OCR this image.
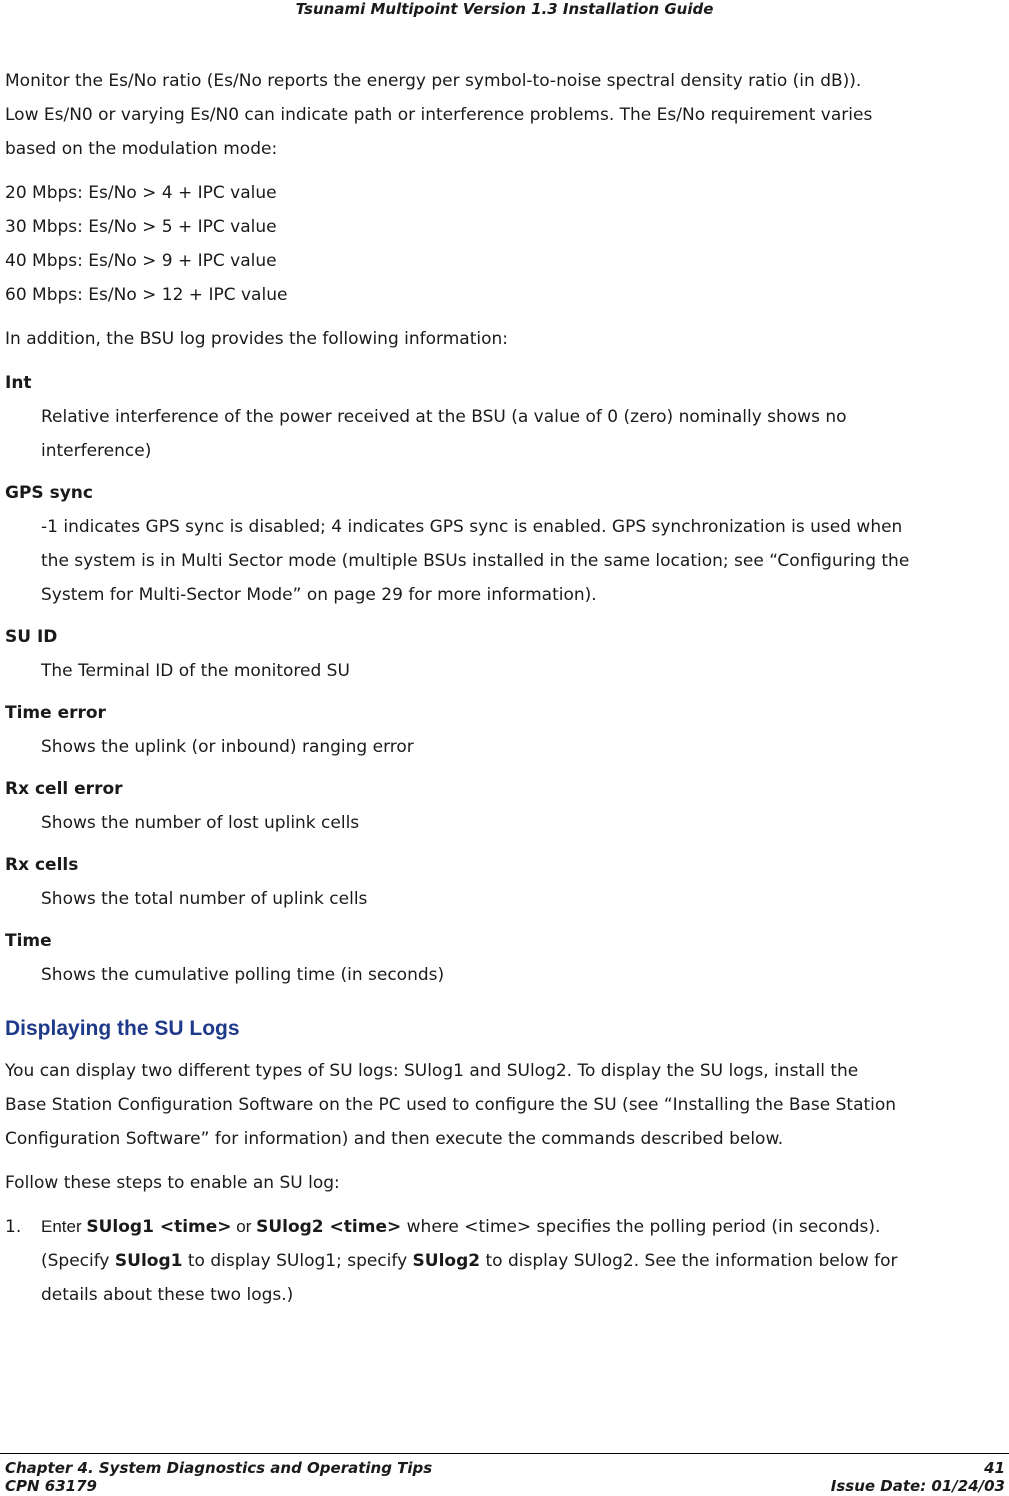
Tsunami Multipoint Version 1.3 Installation Guide
Monitor the Es/No ratio (Es/No reports the energy per symbol-to-noise spectral density ratio (in dB)).
Low Es/N0 or varying Es/N0 can indicate path or interference problems. The Es/No requirement varies
based on the modulation mode:
20 Mbps: Es/No > 4 + IPC value
30 Mbps: Es/No > 5 + IPC value
40 Mbps: Es/No > 9 + IPC value
60 Mbps: Es/No > 12 + IPC value
In addition, the BSU log provides the following information:
Int
Relative interference of the power received at the BSU (a value of 0 (zero) nominally shows no
interference)
GPS sync
-1 indicates GPS sync is disabled; 4 indicates GPS sync is enabled. GPS synchronization is used when
the system is in Multi Sector mode (multiple BSUs installed in the same location; see “Configuring the
System for Multi-Sector Mode” on page 29 for more information).
SU ID
The Terminal ID of the monitored SU
Time error
Shows the uplink (or inbound) ranging error
Rx cell error
Shows the number of lost uplink cells
Rx cells
Shows the total number of uplink cells
Time
Shows the cumulative polling time (in seconds)
Displaying the SU Logs
You can display two different types of SU logs: SUlog1 and SUlog2. To display the SU logs, install the
Base Station Configuration Software on the PC used to configure the SU (see “Installing the Base Station
Configuration Software” for information) and then execute the commands described below.
Follow these steps to enable an SU log:
1. Enter SUlog1 <time> or SUlog2 <time> where <time> specifies the polling period (in seconds).
(Specify SUlog1 to display SUlog1; specify SUlog2 to display SUlog2. See the information below for
details about these two logs.)
Chapter 4. System Diagnostics and Operating Tips	41
CPN 63179	Issue Date: 01/24/03
